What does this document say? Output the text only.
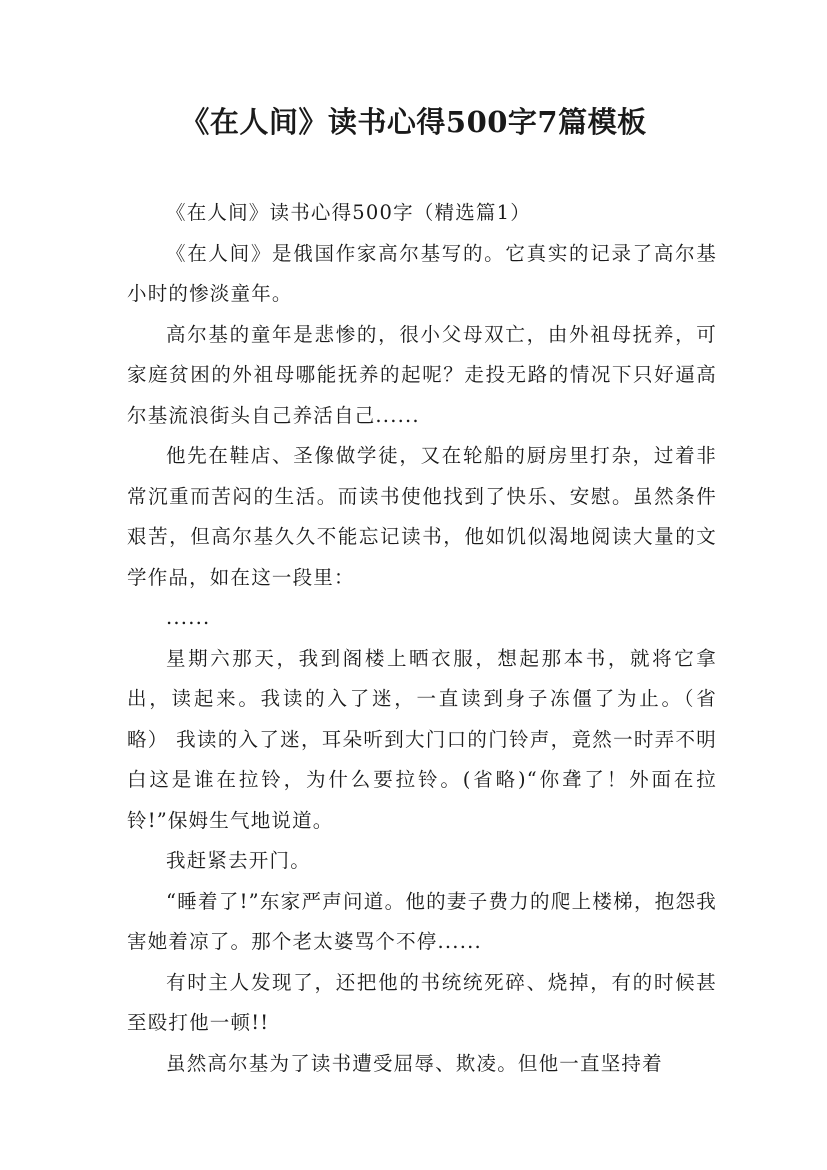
《在人间》读书心得500字7篇模板

《在人间》读书心得500字（精选篇1）

《在人间》是俄国作家高尔基写的。它真实的记录了高尔基小时的惨淡童年。

高尔基的童年是悲惨的，很小父母双亡，由外祖母抚养，可家庭贫困的外祖母哪能抚养的起呢？走投无路的情况下只好逼高尔基流浪街头自己养活自己......

他先在鞋店、圣像做学徒，又在轮船的厨房里打杂，过着非常沉重而苦闷的生活。而读书使他找到了快乐、安慰。虽然条件艰苦，但高尔基久久不能忘记读书，他如饥似渴地阅读大量的文学作品，如在这一段里：

......

星期六那天，我到阁楼上晒衣服，想起那本书，就将它拿出，读起来。我读的入了迷，一直读到身子冻僵了为止。（省略） 我读的入了迷，耳朵听到大门口的门铃声，竟然一时弄不明白这是谁在拉铃，为什么要拉铃。(省略)“你聋了！外面在拉铃!”保姆生气地说道。

我赶紧去开门。

“睡着了!”东家严声问道。他的妻子费力的爬上楼梯，抱怨我害她着凉了。那个老太婆骂个不停......

有时主人发现了，还把他的书统统死碎、烧掉，有的时候甚至殴打他一顿!!

虽然高尔基为了读书遭受屈辱、欺凌。但他一直坚持着
